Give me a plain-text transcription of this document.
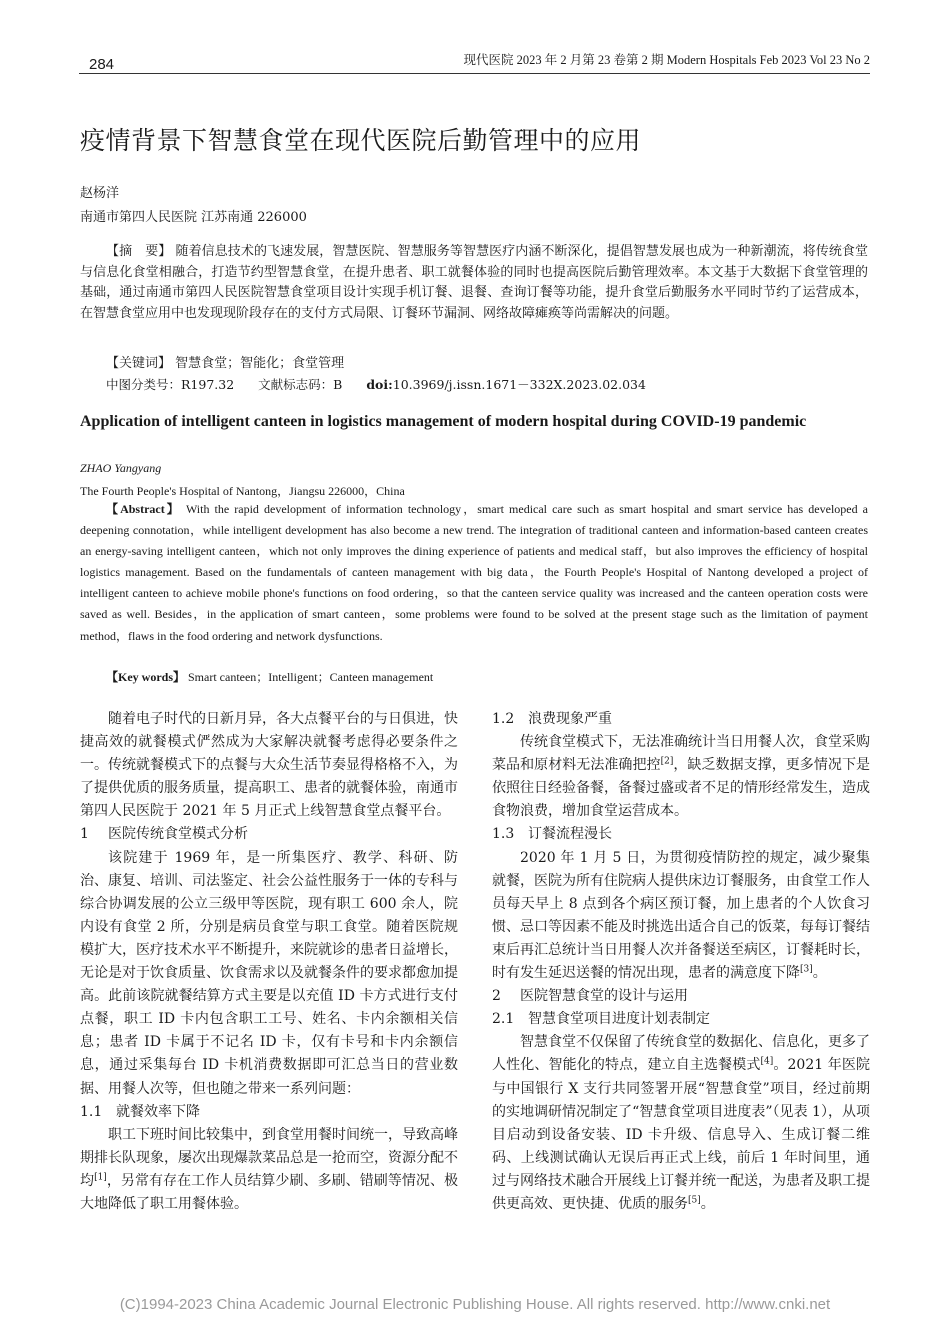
284	现代医院 2023 年 2 月第 23 卷第 2 期 Modern Hospitals Feb 2023 Vol 23 No 2
疫情背景下智慧食堂在现代医院后勤管理中的应用
赵杨洋
南通市第四人民医院 江苏南通 226000

【摘　要】 随着信息技术的飞速发展，智慧医院、智慧服务等智慧医疗内涵不断深化，提倡智慧发展也成为一种新潮流，将传统食堂与信息化食堂相融合，打造节约型智慧食堂，在提升患者、职工就餐体验的同时也提高医院后勤管理效率。本文基于大数据下食堂管理的基础，通过南通市第四人民医院智慧食堂项目设计实现手机订餐、退餐、查询订餐等功能，提升食堂后勤服务水平同时节约了运营成本，在智慧食堂应用中也发现现阶段存在的支付方式局限、订餐环节漏洞、网络故障瘫痪等尚需解决的问题。

【关键词】 智慧食堂；智能化；食堂管理
中图分类号：R197.32 文献标志码：B doi:10.3969/j.issn.1671－332X.2023.02.034
Application of intelligent canteen in logistics management of modern hospital during COVID-19 pandemic
ZHAO Yangyang
The Fourth People's Hospital of Nantong，Jiangsu 226000，China

【Abstract】 With the rapid development of information technology，smart medical care such as smart hospital and smart service has developed a deepening connotation，while intelligent development has also become a new trend. The integration of traditional canteen and information-based canteen creates an energy-saving intelligent canteen，which not only improves the dining experience of patients and medical staff，but also improves the efficiency of hospital logistics management. Based on the fundamentals of canteen management with big data，the Fourth People's Hospital of Nantong developed a project of intelligent canteen to achieve mobile phone's functions on food ordering，so that the canteen service quality was increased and the canteen operation costs were saved as well. Besides，in the application of smart canteen，some problems were found to be solved at the present stage such as the limitation of payment method，flaws in the food ordering and network dysfunctions.

【Key words】 Smart canteen；Intelligent；Canteen management

随着电子时代的日新月异，各大点餐平台的与日俱进，快捷高效的就餐模式俨然成为大家解决就餐考虑得必要条件之一。传统就餐模式下的点餐与大众生活节奏显得格格不入，为了提供优质的服务质量，提高职工、患者的就餐体验，南通市第四人民医院于 2021 年 5 月正式上线智慧食堂点餐平台。

1 医院传统食堂模式分析

该院建于 1969 年，是一所集医疗、教学、科研、防治、康复、培训、司法鉴定、社会公益性服务于一体的专科与综合协调发展的公立三级甲等医院，现有职工 600 余人，院内设有食堂 2 所，分别是病员食堂与职工食堂。随着医院规模扩大，医疗技术水平不断提升，来院就诊的患者日益增长，无论是对于饮食质量、饮食需求以及就餐条件的要求都愈加提高。此前该院就餐结算方式主要是以充值 ID 卡方式进行支付点餐，职工 ID 卡内包含职工工号、姓名、卡内余额相关信息；患者 ID 卡属于不记名 ID 卡，仅有卡号和卡内余额信息，通过采集每台 ID 卡机消费数据即可汇总当日的营业数据、用餐人次等，但也随之带来一系列问题：

1.1 就餐效率下降

职工下班时间比较集中，到食堂用餐时间统一，导致高峰期排长队现象，屡次出现爆款菜品总是一抢而空，资源分配不均[1]，另常有存在工作人员结算少刷、多刷、错刷等情况、极大地降低了职工用餐体验。

1.2 浪费现象严重

传统食堂模式下，无法准确统计当日用餐人次，食堂采购菜品和原材料无法准确把控[2]，缺乏数据支撑，更多情况下是依照往日经验备餐，备餐过盛或者不足的情形经常发生，造成食物浪费，增加食堂运营成本。

1.3 订餐流程漫长

2020 年 1 月 5 日，为贯彻疫情防控的规定，减少聚集就餐，医院为所有住院病人提供床边订餐服务，由食堂工作人员每天早上 8 点到各个病区预订餐，加上患者的个人饮食习惯、忌口等因素不能及时挑选出适合自己的饭菜，每每订餐结束后再汇总统计当日用餐人次并备餐送至病区，订餐耗时长，时有发生延迟送餐的情况出现，患者的满意度下降[3]。

2 医院智慧食堂的设计与运用
2.1 智慧食堂项目进度计划表制定

智慧食堂不仅保留了传统食堂的数据化、信息化，更多了人性化、智能化的特点，建立自主选餐模式[4]。2021 年医院与中国银行 X 支行共同签署开展“智慧食堂”项目，经过前期的实地调研情况制定了“智慧食堂项目进度表”（见表 1），从项目启动到设备安装、ID 卡升级、信息导入、生成订餐二维码、上线测试确认无误后再正式上线，前后 1 年时间里，通过与网络技术融合开展线上订餐并统一配送，为患者及职工提供更高效、更快捷、优质的服务[5]。

(C)1994-2023 China Academic Journal Electronic Publishing House. All rights reserved. http://www.cnki.net
